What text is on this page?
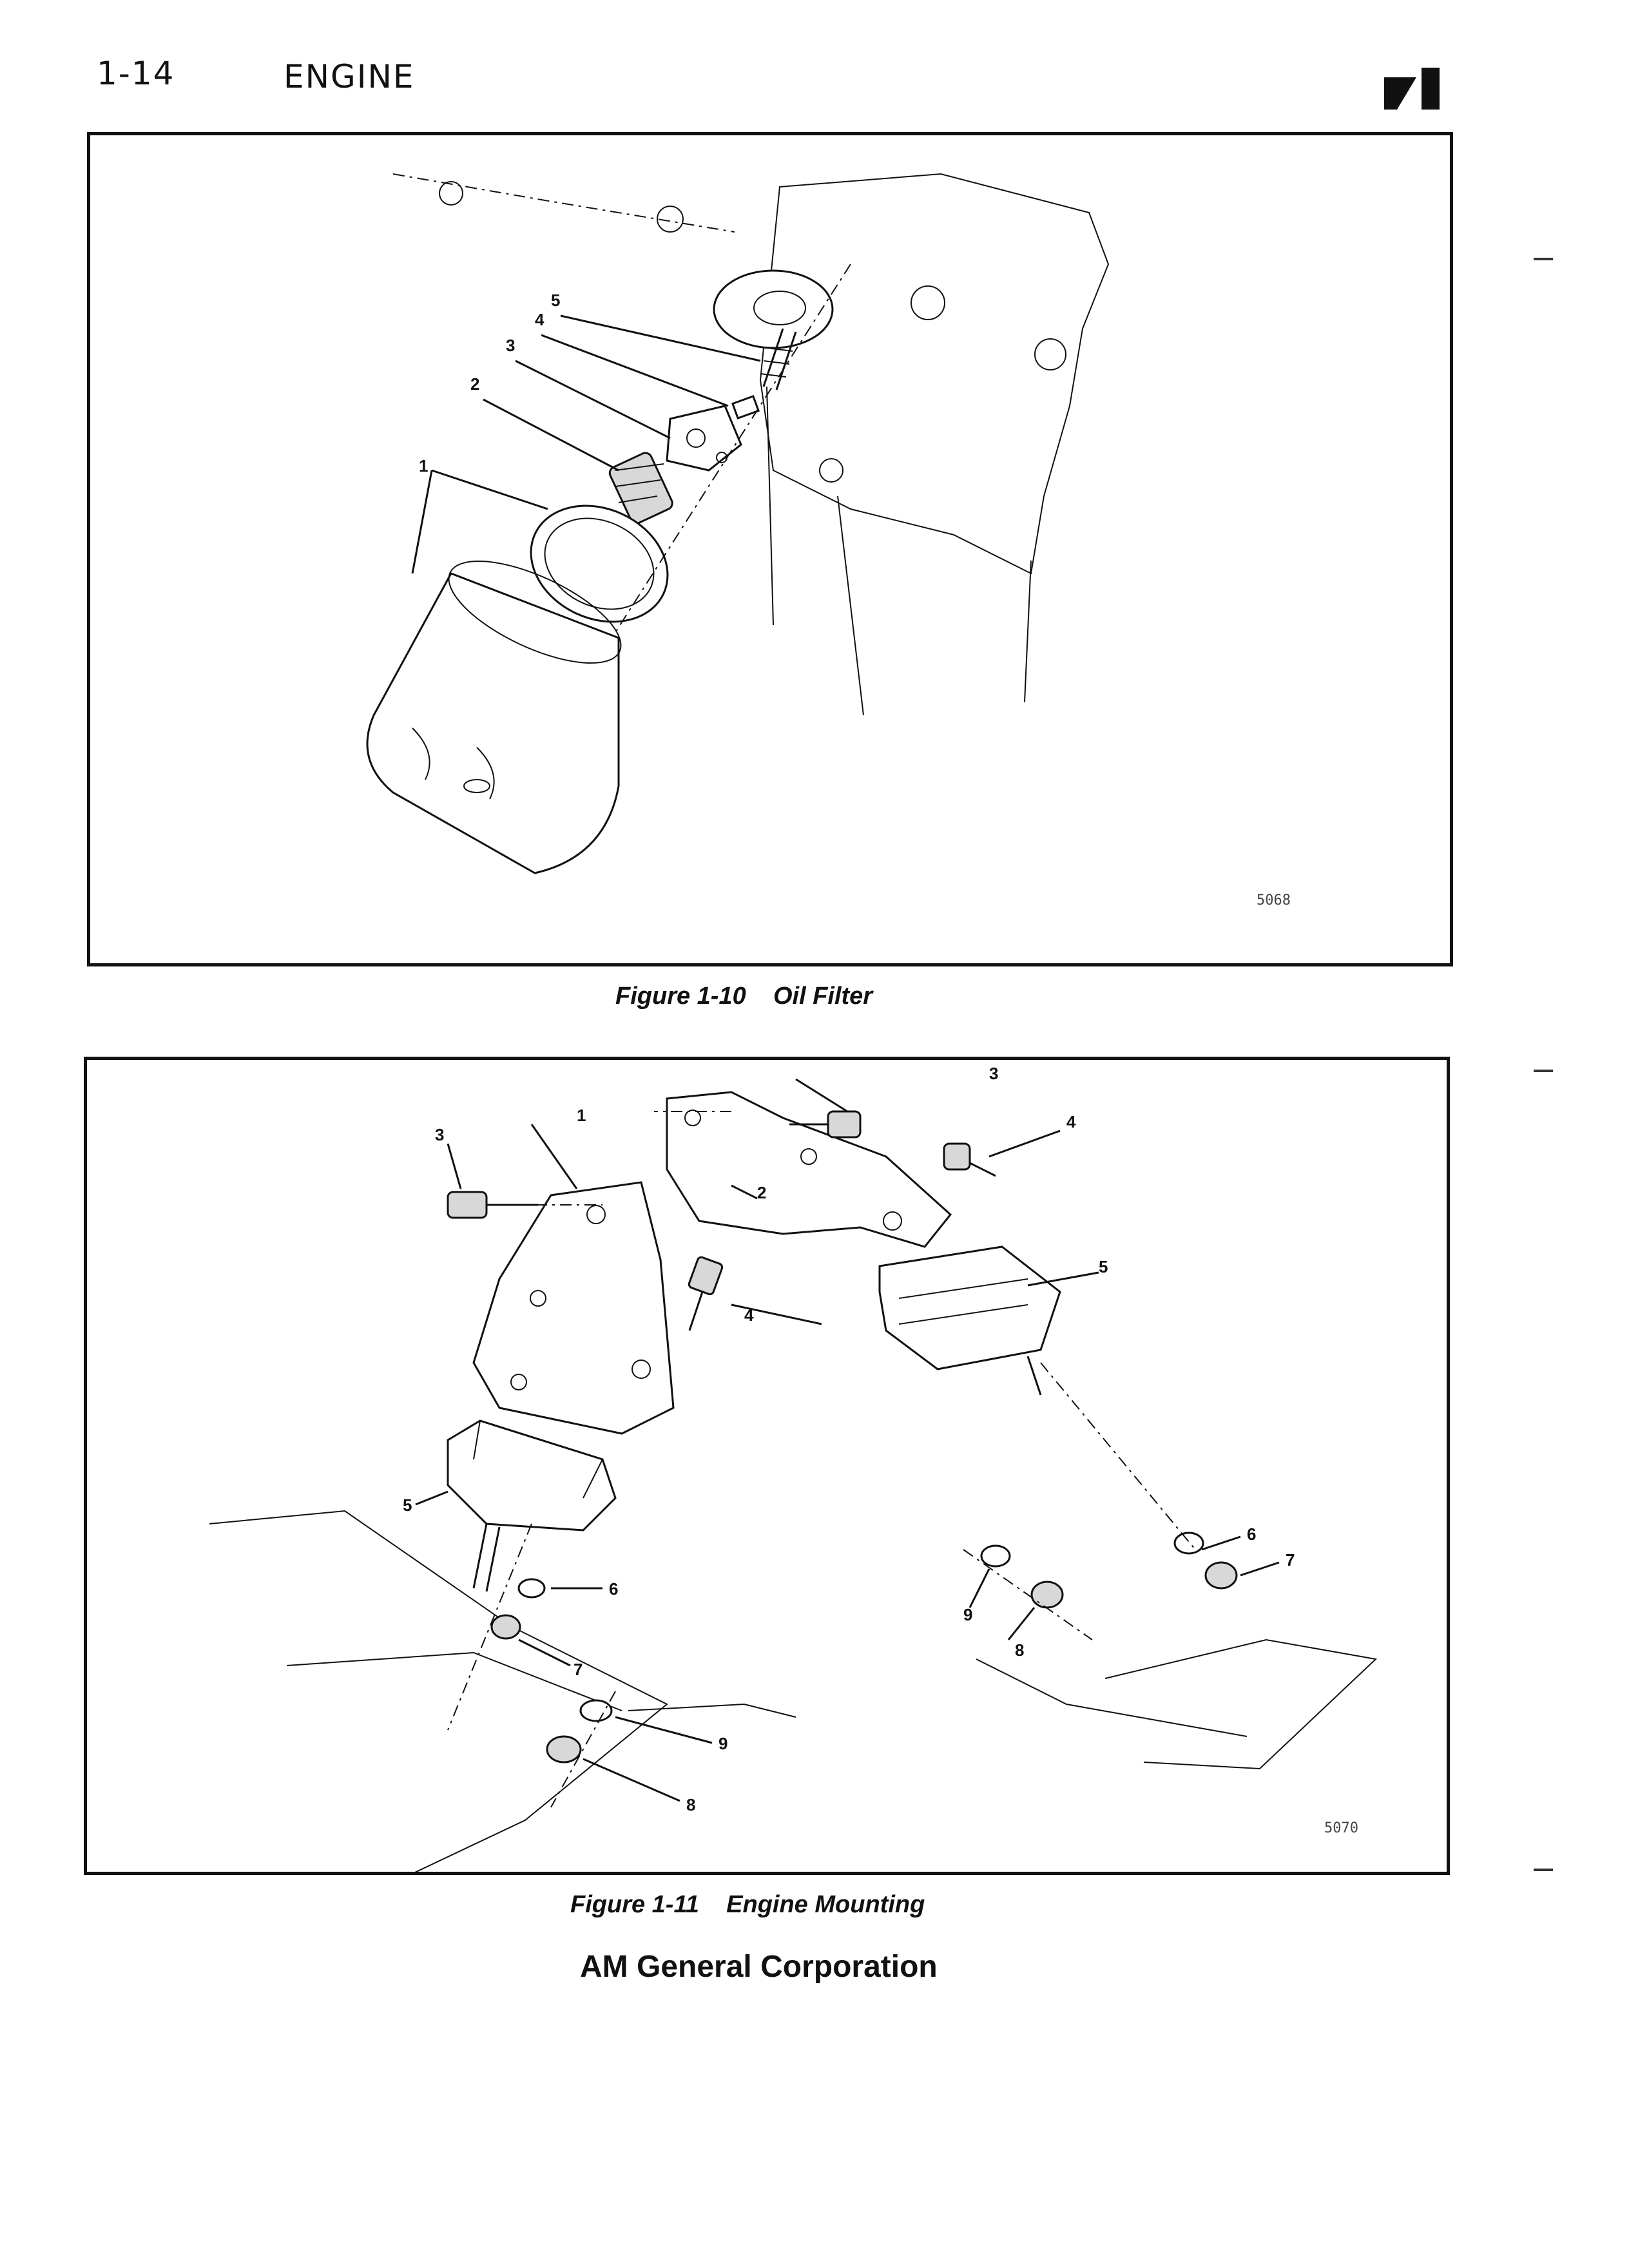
1-14	ENGINE
1
2
3
4
5
5068
Figure 1-10    Oil Filter
1
2
3
3
4
4
5
5
6
6
7
7
8
8
9
9
5070
Figure 1-11    Engine Mounting
AM General Corporation
